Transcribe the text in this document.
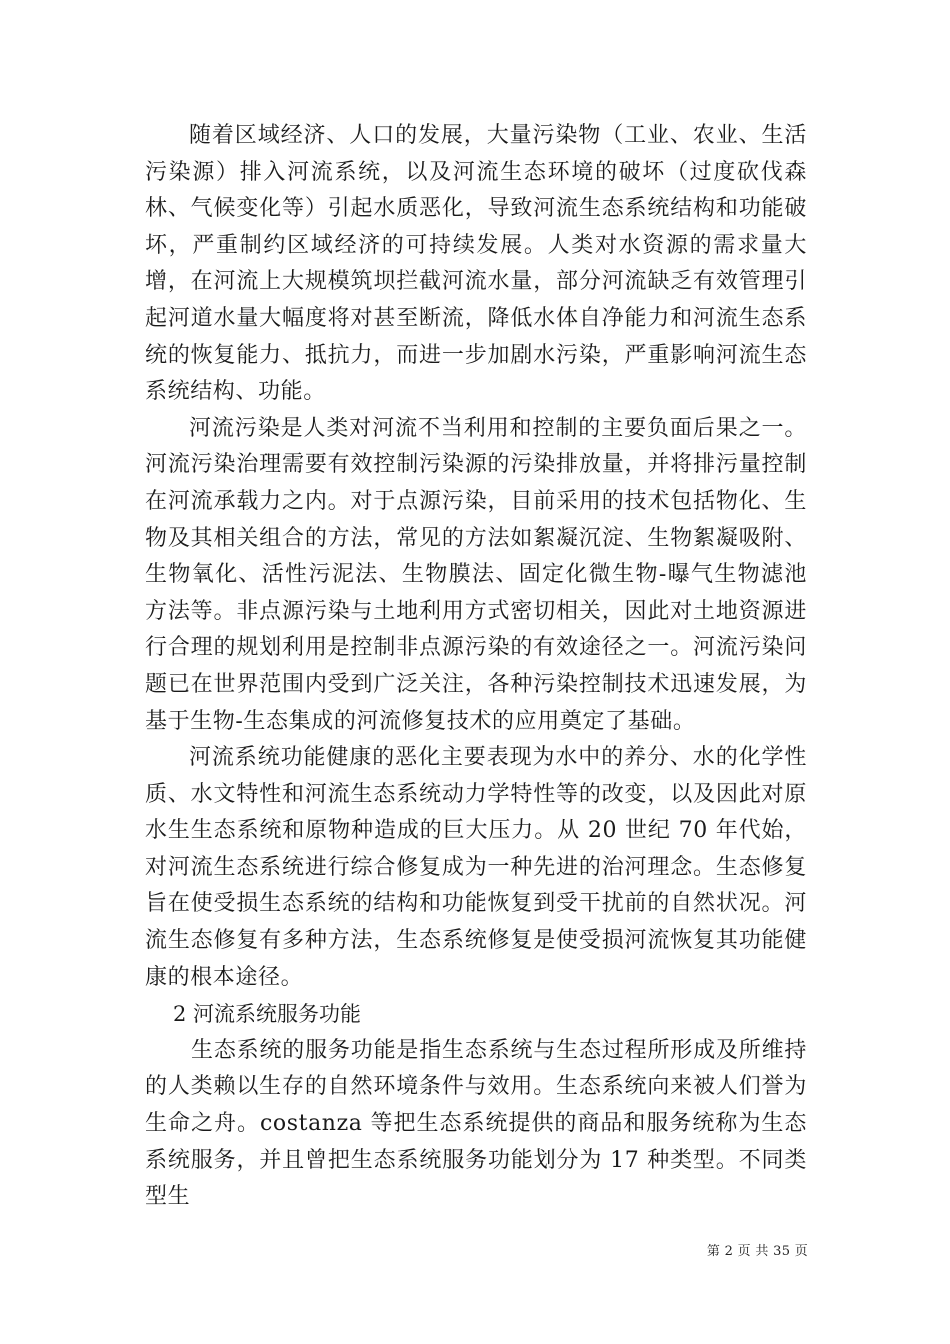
随着区域经济、人口的发展，大量污染物（工业、农业、生活污染源）排入河流系统，以及河流生态环境的破坏（过度砍伐森林、气候变化等）引起水质恶化，导致河流生态系统结构和功能破坏，严重制约区域经济的可持续发展。人类对水资源的需求量大增，在河流上大规模筑坝拦截河流水量，部分河流缺乏有效管理引起河道水量大幅度将对甚至断流，降低水体自净能力和河流生态系统的恢复能力、抵抗力，而进一步加剧水污染，严重影响河流生态系统结构、功能。

河流污染是人类对河流不当利用和控制的主要负面后果之一。河流污染治理需要有效控制污染源的污染排放量，并将排污量控制在河流承载力之内。对于点源污染，目前采用的技术包括物化、生物及其相关组合的方法，常见的方法如絮凝沉淀、生物絮凝吸附、生物氧化、活性污泥法、生物膜法、固定化微生物-曝气生物滤池方法等。非点源污染与土地利用方式密切相关，因此对土地资源进行合理的规划利用是控制非点源污染的有效途径之一。河流污染问题已在世界范围内受到广泛关注，各种污染控制技术迅速发展，为基于生物-生态集成的河流修复技术的应用奠定了基础。

河流系统功能健康的恶化主要表现为水中的养分、水的化学性质、水文特性和河流生态系统动力学特性等的改变，以及因此对原水生生态系统和原物种造成的巨大压力。从 20 世纪 70 年代始，对河流生态系统进行综合修复成为一种先进的治河理念。生态修复旨在使受损生态系统的结构和功能恢复到受干扰前的自然状况。河流生态修复有多种方法，生态系统修复是使受损河流恢复其功能健康的根本途径。

2 河流系统服务功能

生态系统的服务功能是指生态系统与生态过程所形成及所维持的人类赖以生存的自然环境条件与效用。生态系统向来被人们誉为生命之舟。costanza 等把生态系统提供的商品和服务统称为生态系统服务，并且曾把生态系统服务功能划分为 17 种类型。不同类型生

第 2 页 共 35 页
